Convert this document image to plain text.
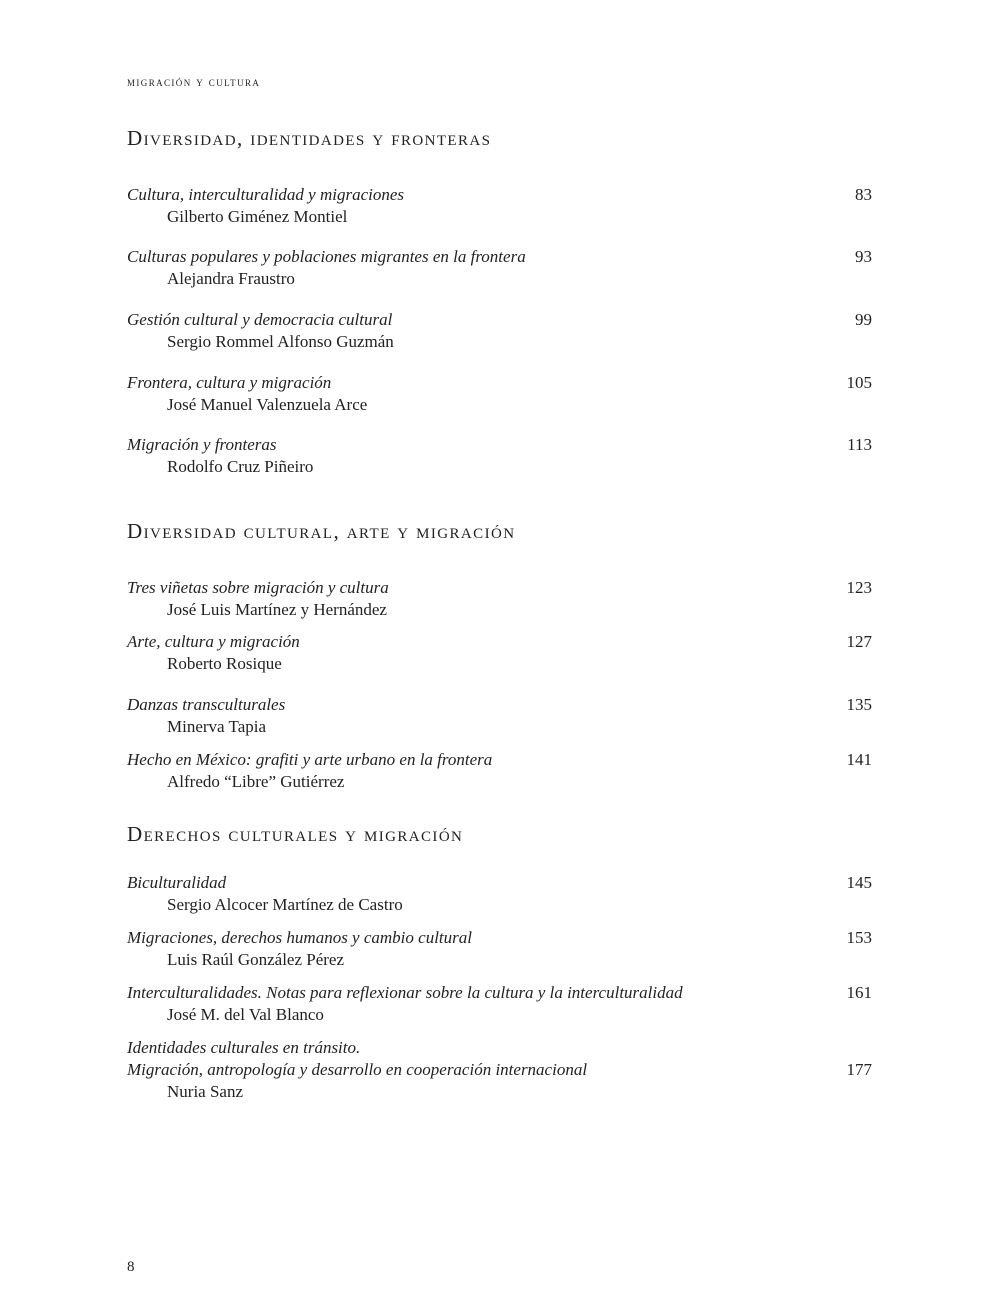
migración y cultura
Diversidad, identidades y fronteras
Cultura, interculturalidad y migraciones
Gilberto Giménez Montiel
83
Culturas populares y poblaciones migrantes en la frontera
Alejandra Fraustro
93
Gestión cultural y democracia cultural
Sergio Rommel Alfonso Guzmán
99
Frontera, cultura y migración
José Manuel Valenzuela Arce
105
Migración y fronteras
Rodolfo Cruz Piñeiro
113
Diversidad cultural, arte y migración
Tres viñetas sobre migración y cultura
José Luis Martínez y Hernández
123
Arte, cultura y migración
Roberto Rosique
127
Danzas transculturales
Minerva Tapia
135
Hecho en México: grafiti y arte urbano en la frontera
Alfredo “Libre” Gutiérrez
141
Derechos culturales y migración
Biculturalidad
Sergio Alcocer Martínez de Castro
145
Migraciones, derechos humanos y cambio cultural
Luis Raúl González Pérez
153
Interculturalidades. Notas para reflexionar sobre la cultura y la interculturalidad
José M. del Val Blanco
161
Identidades culturales en tránsito.
Migración, antropología y desarrollo en cooperación internacional
Nuria Sanz
177
8
